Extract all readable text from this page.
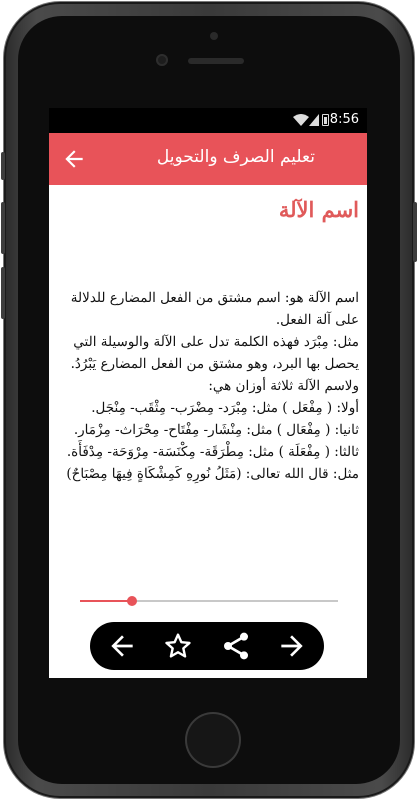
8:56
تعليم الصرف والتحويل
اسم الآلة

اسم الآلة هو: اسم مشتق من الفعل المضارع للدلالة على آلة الفعل.

مثل: مِبْرَد فهذه الكلمة تدل على الآلة والوسيلة التي يحصل بها البرد، وهو مشتق من الفعل المضارع يَبْرُدُ.

ولاسم الآلة ثلاثة أوزان هي:

أولا: ( مِفْعَل ) مثل: مِبْرَد- مِضْرَب- مِثْقَب- مِنْجَل.

ثانيا: ( مِفْعَال ) مثل: مِنْشَار- مِفْتَاح- مِحْرَاث- مِزْمَار.

ثالثا: ( مِفْعَلَة ) مثل: مِطْرَقَة- مِكْنَسَة- مِرْوَحَة- مِدْفَأَة.

مثل: قال الله تعالى: (مَثَلُ نُورِهِ كَمِشْكَاةٍ فِيهَا مِصْبَاحٌ)
